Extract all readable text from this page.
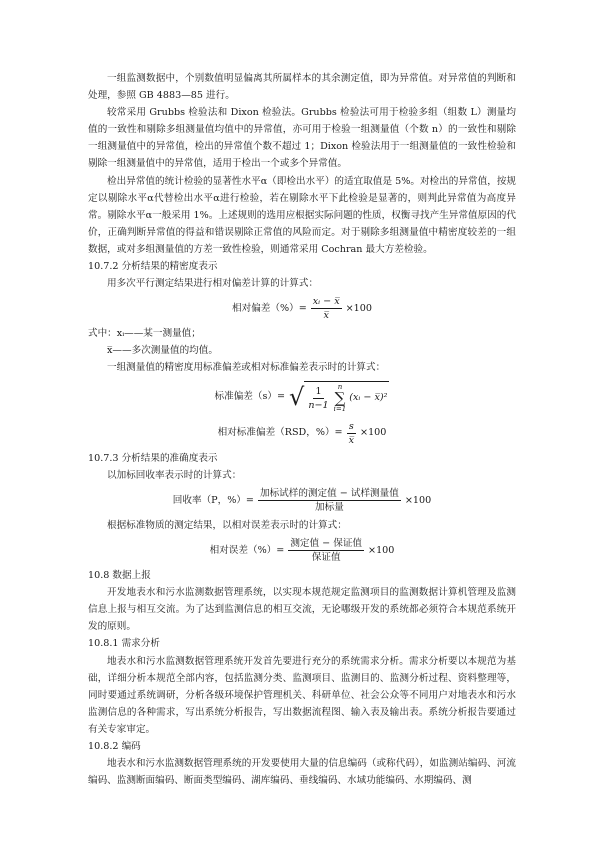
一组监测数据中，个别数值明显偏离其所属样本的其余测定值，即为异常值。对异常值的判断和处理，参照 GB 4883—85 进行。

较常采用 Grubbs 检验法和 Dixon 检验法。Grubbs 检验法可用于检验多组（组数 L）测量均值的一致性和剔除多组测量值均值中的异常值，亦可用于检验一组测量值（个数 n）的一致性和剔除一组测量值中的异常值，检出的异常值个数不超过 1；Dixon 检验法用于一组测量值的一致性检验和剔除一组测量值中的异常值，适用于检出一个或多个异常值。

检出异常值的统计检验的显著性水平α（即检出水平）的适宜取值是 5%。对检出的异常值，按规定以剔除水平α代替检出水平α进行检验，若在剔除水平下此检验是显著的，则判此异常值为高度异常。剔除水平α一般采用 1%。上述规则的选用应根据实际问题的性质，权衡寻找产生异常值原因的代价，正确判断异常值的得益和错误剔除正常值的风险而定。对于剔除多组测量值中精密度较差的一组数据，或对多组测量值的方差一致性检验，则通常采用 Cochran 最大方差检验。

10.7.2 分析结果的精密度表示

用多次平行测定结果进行相对偏差计算的计算式：

相对偏差（%）= $\frac{\text{xᵢ − x̅}}{x̅} \times 100$

式中：xᵢ——某一测量值；

x̅——多次测量值的均值。

一组测量值的精密度用标准偏差或相对标准偏差表示时的计算式：

标准偏差（s）= √ $\frac{1}{n-1}$ n
∑
i=1
(xᵢ − x̅)²
相对标准偏差（RSD，%）= $\frac{s}{x̅} \times 100$

10.7.3 分析结果的准确度表示

以加标回收率表示时的计算式：

回收率（P，%）= $\frac{\text{加标试样的测定值 − 试样测量值}}{\text{加标量}} \times 100$

根据标准物质的测定结果，以相对误差表示时的计算式：

相对误差（%）= $\frac{\text{测定值 − 保证值}}{\text{保证值}} \times 100$

10.8 数据上报

开发地表水和污水监测数据管理系统，以实现本规范规定监测项目的监测数据计算机管理及监测信息上报与相互交流。为了达到监测信息的相互交流，无论哪级开发的系统都必须符合本规范系统开发的原则。

10.8.1 需求分析

地表水和污水监测数据管理系统开发首先要进行充分的系统需求分析。需求分析要以本规范为基础，详细分析本规范全部内容，包括监测分类、监测项目、监测目的、监测分析过程、资料整理等，同时要通过系统调研，分析各级环境保护管理机关、科研单位、社会公众等不同用户对地表水和污水监测信息的各种需求，写出系统分析报告，写出数据流程图、输入表及输出表。系统分析报告要通过有关专家审定。

10.8.2 编码

地表水和污水监测数据管理系统的开发要使用大量的信息编码（或称代码），如监测站编码、河流编码、监测断面编码、断面类型编码、湖库编码、垂线编码、水域功能编码、水期编码、测
